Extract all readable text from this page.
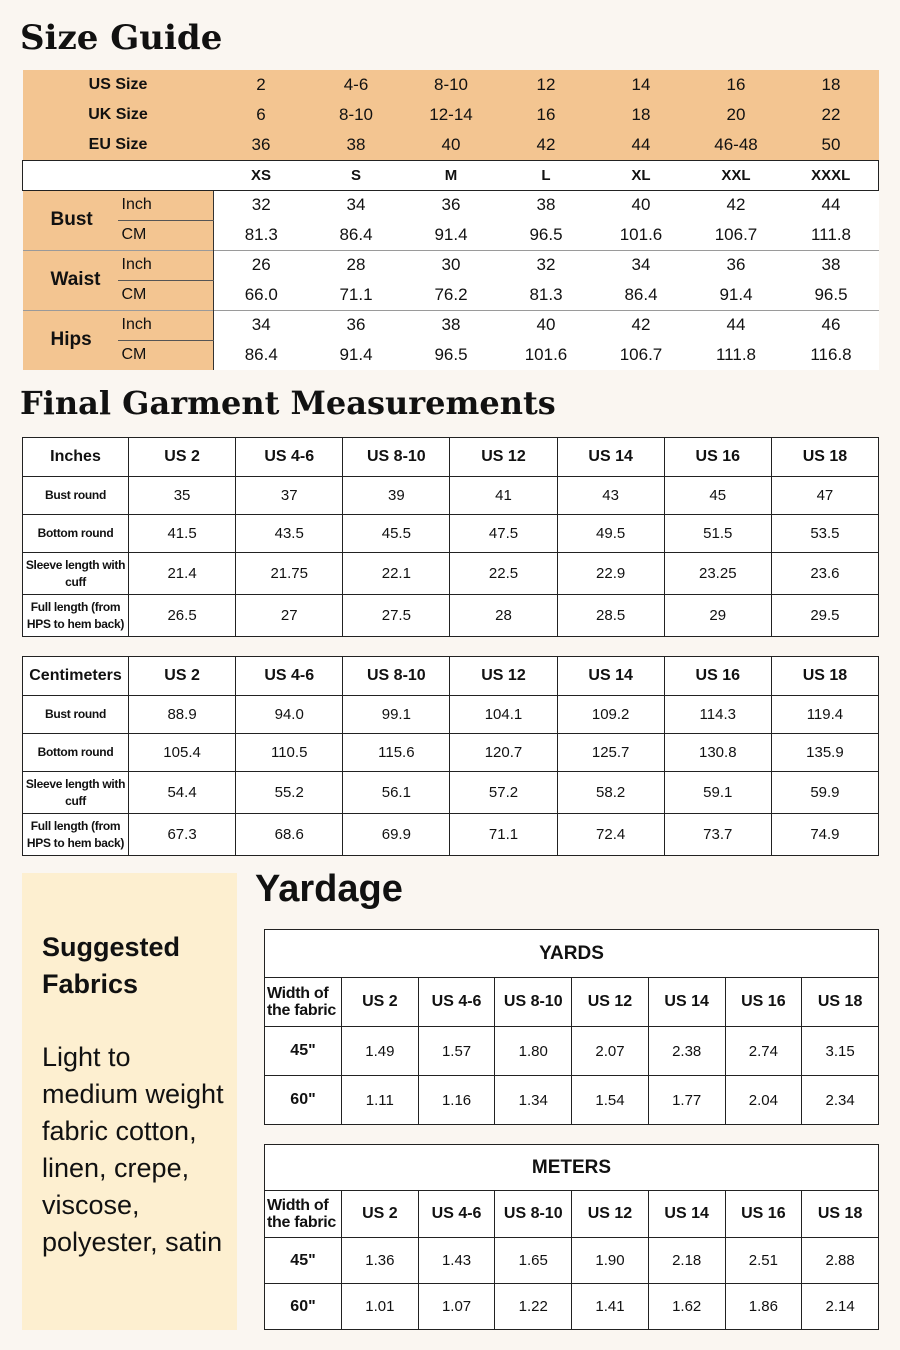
Size Guide
US Size		2	4-6	8-10	12	14	16	18
UK Size		6	8-10	12-14	16	18	20	22
EU Size		36	38	40	42	44	46-48	50
		XS	S	M	L	XL	XXL	XXXL
Bust	Inch	32	34	36	38	40	42	44
	CM	81.3	86.4	91.4	96.5	101.6	106.7	111.8
Waist	Inch	26	28	30	32	34	36	38
	CM	66.0	71.1	76.2	81.3	86.4	91.4	96.5
Hips	Inch	34	36	38	40	42	44	46
	CM	86.4	91.4	96.5	101.6	106.7	111.8	116.8
Final Garment Measurements
Inches	US 2	US 4-6	US 8-10	US 12	US 14	US 16	US 18
Bust round	35	37	39	41	43	45	47
Bottom round	41.5	43.5	45.5	47.5	49.5	51.5	53.5
Sleeve length with cuff	21.4	21.75	22.1	22.5	22.9	23.25	23.6
Full length (from HPS to hem back)	26.5	27	27.5	28	28.5	29	29.5
Centimeters	US 2	US 4-6	US 8-10	US 12	US 14	US 16	US 18
Bust round	88.9	94.0	99.1	104.1	109.2	114.3	119.4
Bottom round	105.4	110.5	115.6	120.7	125.7	130.8	135.9
Sleeve length with cuff	54.4	55.2	56.1	57.2	58.2	59.1	59.9
Full length (from HPS to hem back)	67.3	68.6	69.9	71.1	72.4	73.7	74.9

Suggested Fabrics

Light to medium weight fabric cotton, linen, crepe, viscose, polyester, satin

Yardage
YARDS							
Width of the fabric	US 2	US 4-6	US 8-10	US 12	US 14	US 16	US 18
45"	1.49	1.57	1.80	2.07	2.38	2.74	3.15
60"	1.11	1.16	1.34	1.54	1.77	2.04	2.34
METERS							
Width of the fabric	US 2	US 4-6	US 8-10	US 12	US 14	US 16	US 18
45"	1.36	1.43	1.65	1.90	2.18	2.51	2.88
60"	1.01	1.07	1.22	1.41	1.62	1.86	2.14
